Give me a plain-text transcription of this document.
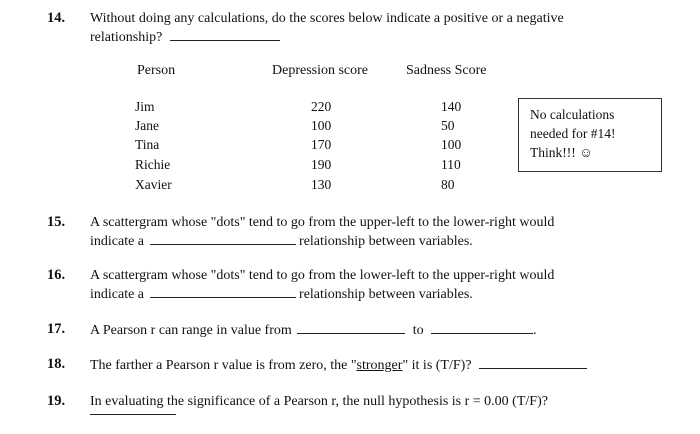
14. Without doing any calculations, do the scores below indicate a positive or a negative
relationship?
Person	Depression score	Sadness Score
Jim	220	140
Jane	100	50
Tina	170	100
Richie	190	110
Xavier	130	80
No calculations
needed for #14!
Think!!! ☺
15. A scattergram whose "dots" tend to go from the upper-left to the lower-right would
indicate a	relationship between variables.
16. A scattergram whose "dots" tend to go from the lower-left to the upper-right would
indicate a	relationship between variables.
17. A Pearson r can range in value from	to	.
18. The farther a Pearson r value is from zero, the "stronger" it is (T/F)?
19. In evaluating the significance of a Pearson r, the null hypothesis is r = 0.00 (T/F)?
